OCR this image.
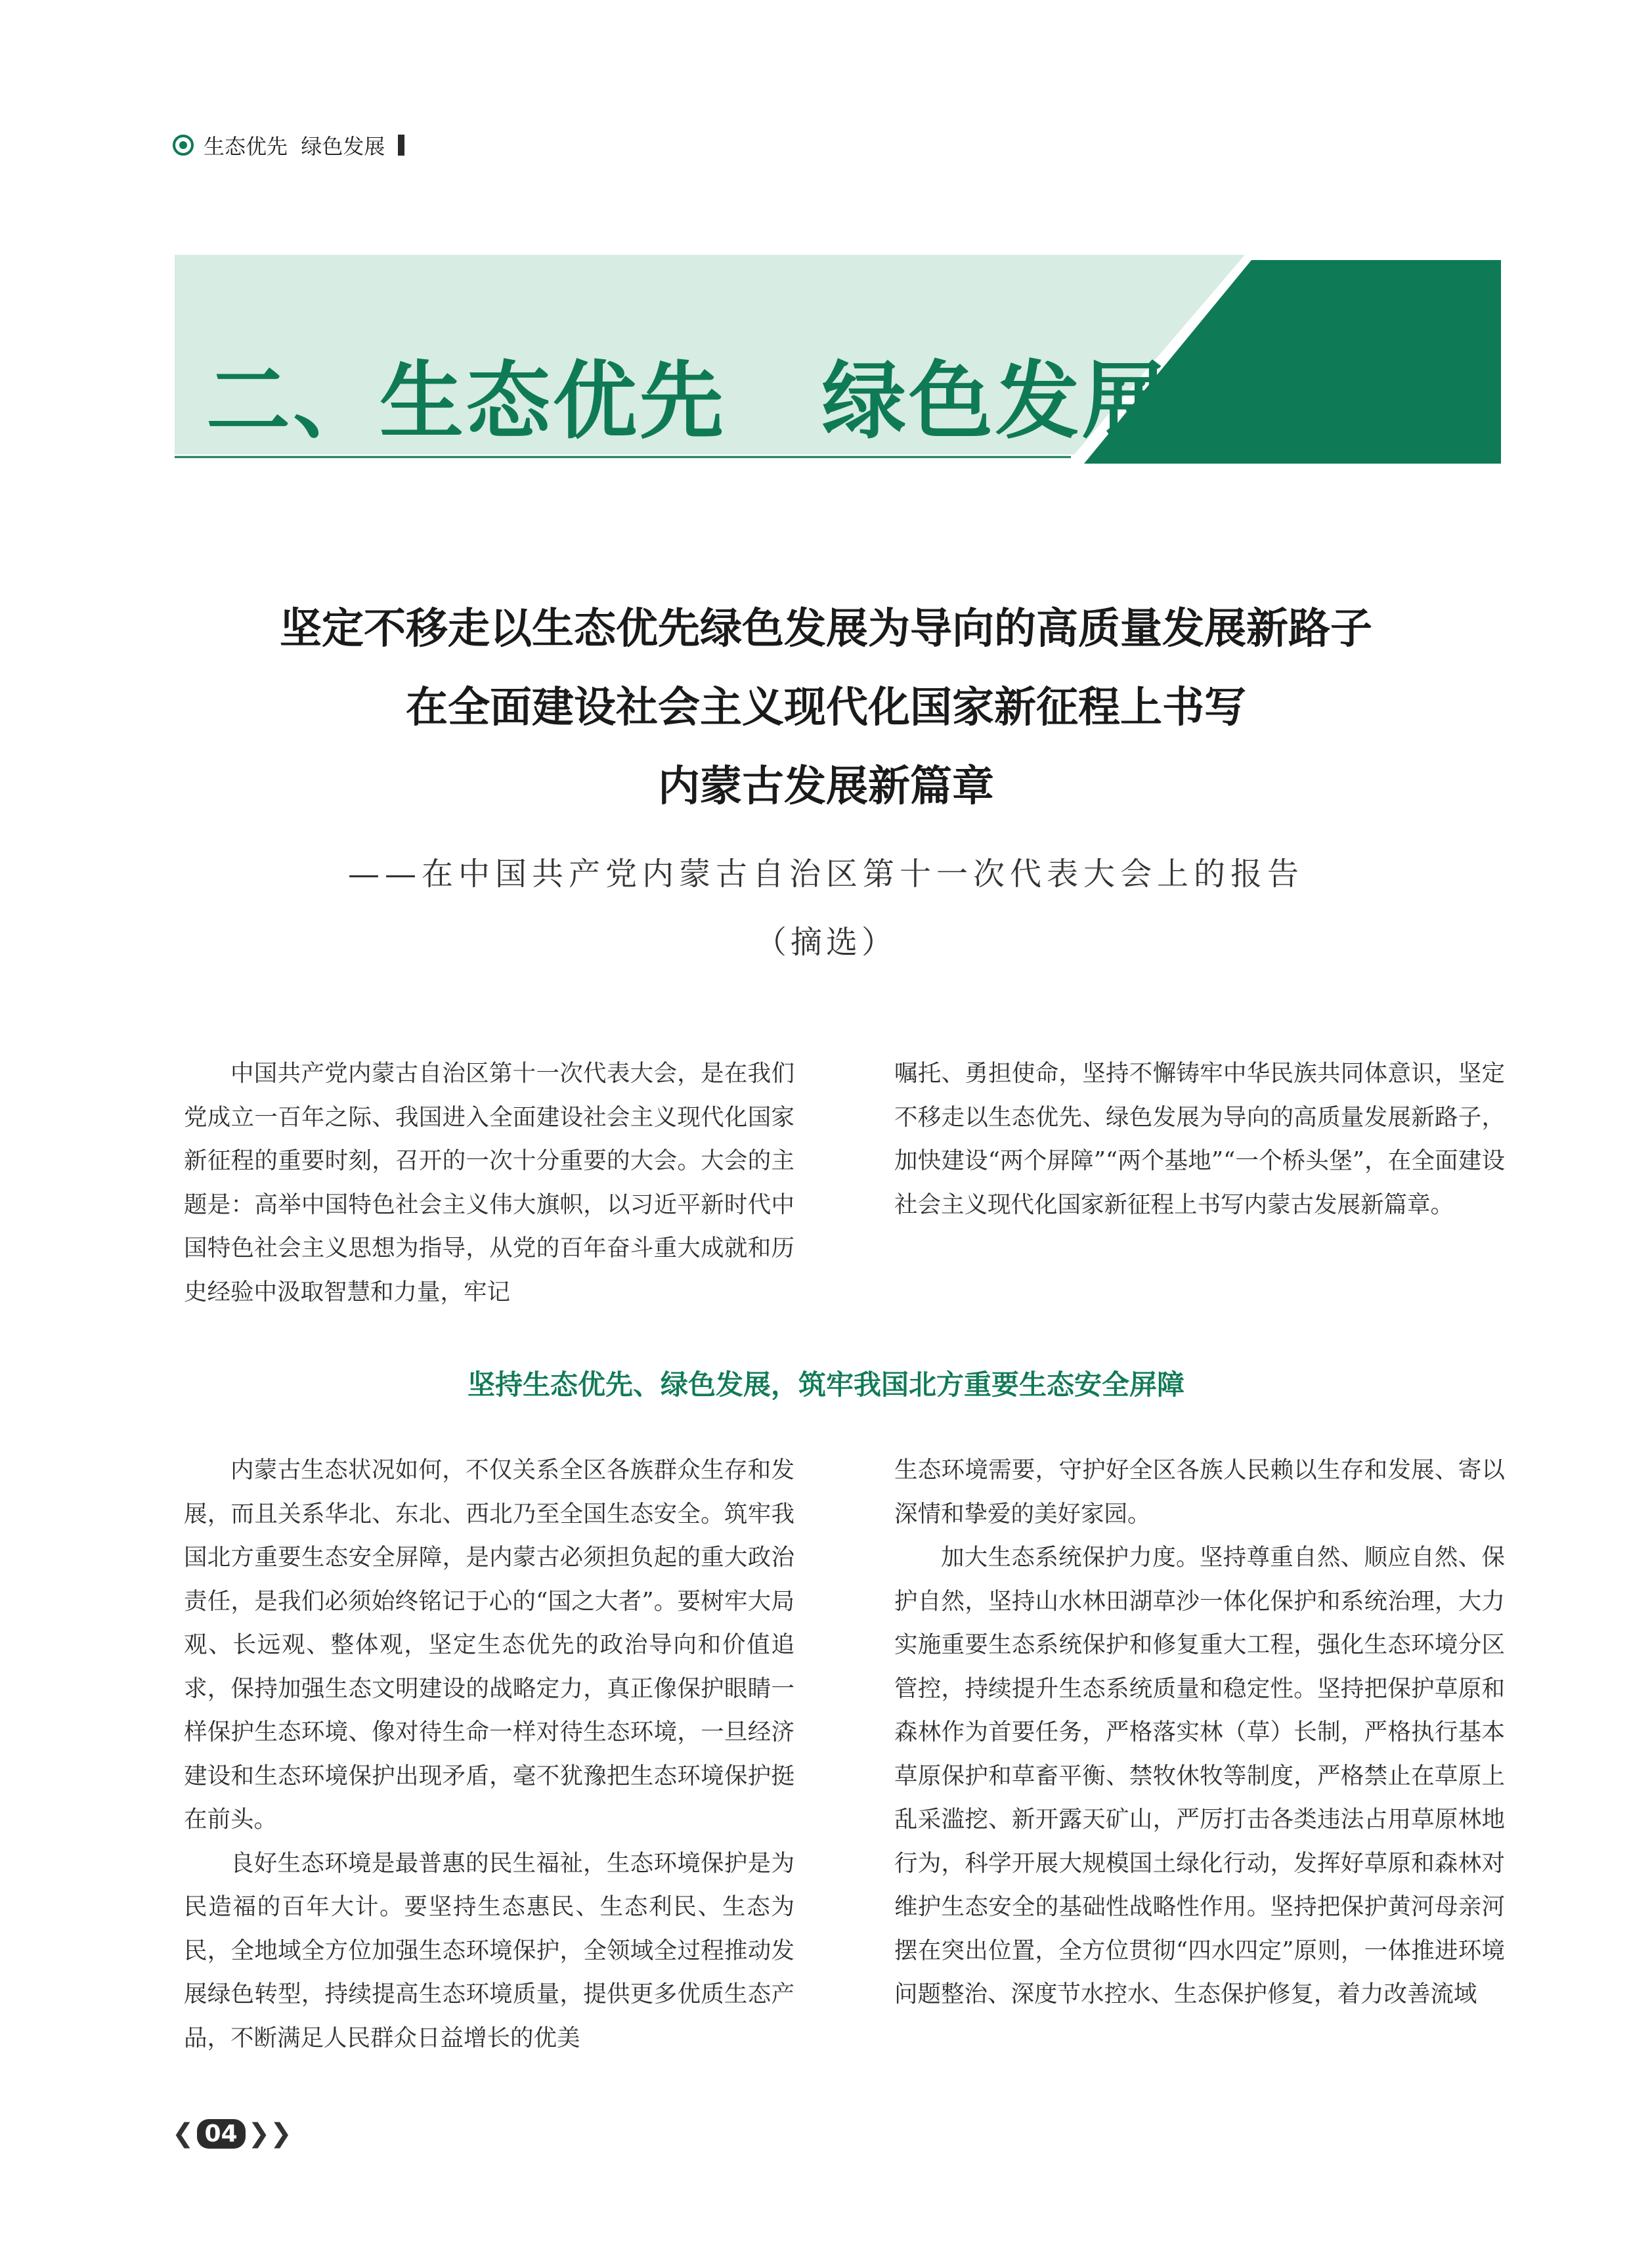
生态优先  绿色发展
二、生态优先   绿色发展
坚定不移走以生态优先绿色发展为导向的高质量发展新路子
在全面建设社会主义现代化国家新征程上书写
内蒙古发展新篇章
——在中国共产党内蒙古自治区第十一次代表大会上的报告
（摘选）

中国共产党内蒙古自治区第十一次代表大会，是在我们党成立一百年之际、我国进入全面建设社会主义现代化国家新征程的重要时刻，召开的一次十分重要的大会。大会的主题是：高举中国特色社会主义伟大旗帜，以习近平新时代中国特色社会主义思想为指导，从党的百年奋斗重大成就和历史经验中汲取智慧和力量，牢记

嘱托、勇担使命，坚持不懈铸牢中华民族共同体意识，坚定不移走以生态优先、绿色发展为导向的高质量发展新路子，加快建设“两个屏障”“两个基地”“一个桥头堡”，在全面建设社会主义现代化国家新征程上书写内蒙古发展新篇章。

坚持生态优先、绿色发展，筑牢我国北方重要生态安全屏障

内蒙古生态状况如何，不仅关系全区各族群众生存和发展，而且关系华北、东北、西北乃至全国生态安全。筑牢我国北方重要生态安全屏障，是内蒙古必须担负起的重大政治责任，是我们必须始终铭记于心的“国之大者”。要树牢大局观、长远观、整体观，坚定生态优先的政治导向和价值追求，保持加强生态文明建设的战略定力，真正像保护眼睛一样保护生态环境、像对待生命一样对待生态环境，一旦经济建设和生态环境保护出现矛盾，毫不犹豫把生态环境保护挺在前头。

良好生态环境是最普惠的民生福祉，生态环境保护是为民造福的百年大计。要坚持生态惠民、生态利民、生态为民，全地域全方位加强生态环境保护，全领域全过程推动发展绿色转型，持续提高生态环境质量，提供更多优质生态产品，不断满足人民群众日益增长的优美

生态环境需要，守护好全区各族人民赖以生存和发展、寄以深情和挚爱的美好家园。

加大生态系统保护力度。坚持尊重自然、顺应自然、保护自然，坚持山水林田湖草沙一体化保护和系统治理，大力实施重要生态系统保护和修复重大工程，强化生态环境分区管控，持续提升生态系统质量和稳定性。坚持把保护草原和森林作为首要任务，严格落实林（草）长制，严格执行基本草原保护和草畜平衡、禁牧休牧等制度，严格禁止在草原上乱采滥挖、新开露天矿山，严厉打击各类违法占用草原林地行为，科学开展大规模国土绿化行动，发挥好草原和森林对维护生态安全的基础性战略性作用。坚持把保护黄河母亲河摆在突出位置，全方位贯彻“四水四定”原则，一体推进环境问题整治、深度节水控水、生态保护修复，着力改善流域

❮ 04 ❯❯
